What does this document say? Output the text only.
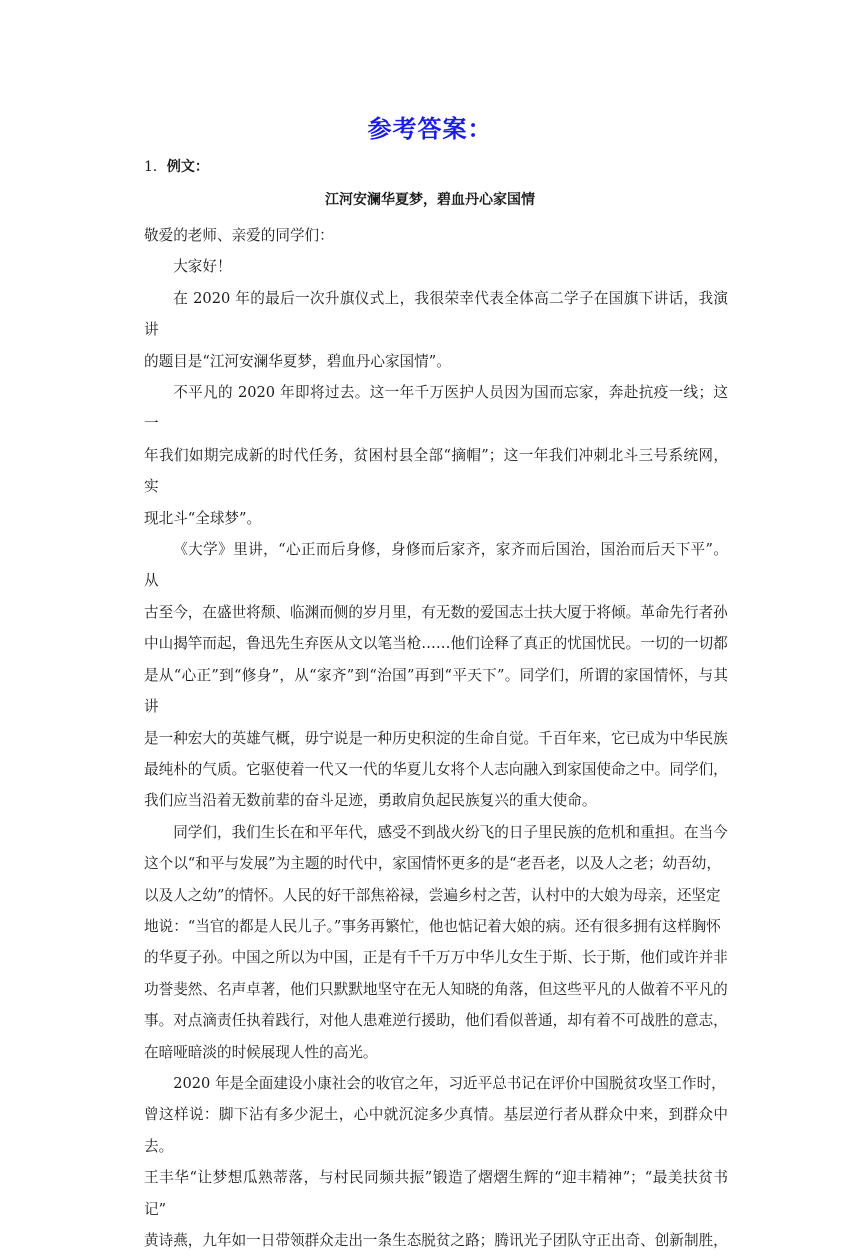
参考答案：
1．例文：
江河安澜华夏梦，碧血丹心家国情

敬爱的老师、亲爱的同学们：

大家好！

在 2020 年的最后一次升旗仪式上，我很荣幸代表全体高二学子在国旗下讲话，我演讲
的题目是“江河安澜华夏梦，碧血丹心家国情”。

不平凡的 2020 年即将过去。这一年千万医护人员因为国而忘家，奔赴抗疫一线；这一
年我们如期完成新的时代任务，贫困村县全部“摘帽”；这一年我们冲刺北斗三号系统网，实
现北斗“全球梦”。

《大学》里讲，“心正而后身修，身修而后家齐，家齐而后国治，国治而后天下平”。从
古至今，在盛世将颓、临渊而侧的岁月里，有无数的爱国志士扶大厦于将倾。革命先行者孙
中山揭竿而起，鲁迅先生弃医从文以笔当枪……他们诠释了真正的忧国忧民。一切的一切都
是从“心正”到“修身”，从“家齐”到“治国”再到“平天下”。同学们，所谓的家国情怀，与其讲
是一种宏大的英雄气概，毋宁说是一种历史积淀的生命自觉。千百年来，它已成为中华民族
最纯朴的气质。它驱使着一代又一代的华夏儿女将个人志向融入到家国使命之中。同学们，
我们应当沿着无数前辈的奋斗足迹，勇敢肩负起民族复兴的重大使命。

同学们，我们生长在和平年代，感受不到战火纷飞的日子里民族的危机和重担。在当今
这个以“和平与发展”为主题的时代中，家国情怀更多的是“老吾老，以及人之老；幼吾幼，
以及人之幼”的情怀。人民的好干部焦裕禄，尝遍乡村之苦，认村中的大娘为母亲，还坚定
地说：“当官的都是人民儿子。”事务再繁忙，他也惦记着大娘的病。还有很多拥有这样胸怀
的华夏子孙。中国之所以为中国，正是有千千万万中华儿女生于斯、长于斯，他们或许并非
功誉斐然、名声卓著，他们只默默地坚守在无人知晓的角落，但这些平凡的人做着不平凡的
事。对点滴责任执着践行，对他人患难逆行援助，他们看似普通，却有着不可战胜的意志，
在暗哑暗淡的时候展现人性的高光。

2020 年是全面建设小康社会的收官之年，习近平总书记在评价中国脱贫攻坚工作时，
曾这样说：脚下沾有多少泥土，心中就沉淀多少真情。基层逆行者从群众中来，到群众中去。
王丰华“让梦想瓜熟蒂落，与村民同频共振”锻造了熠熠生辉的“迎丰精神”；“最美扶贫书记”
黄诗燕，九年如一日带领群众走出一条生态脱贫之路；腾讯光子团队守正出奇、创新制胜，
